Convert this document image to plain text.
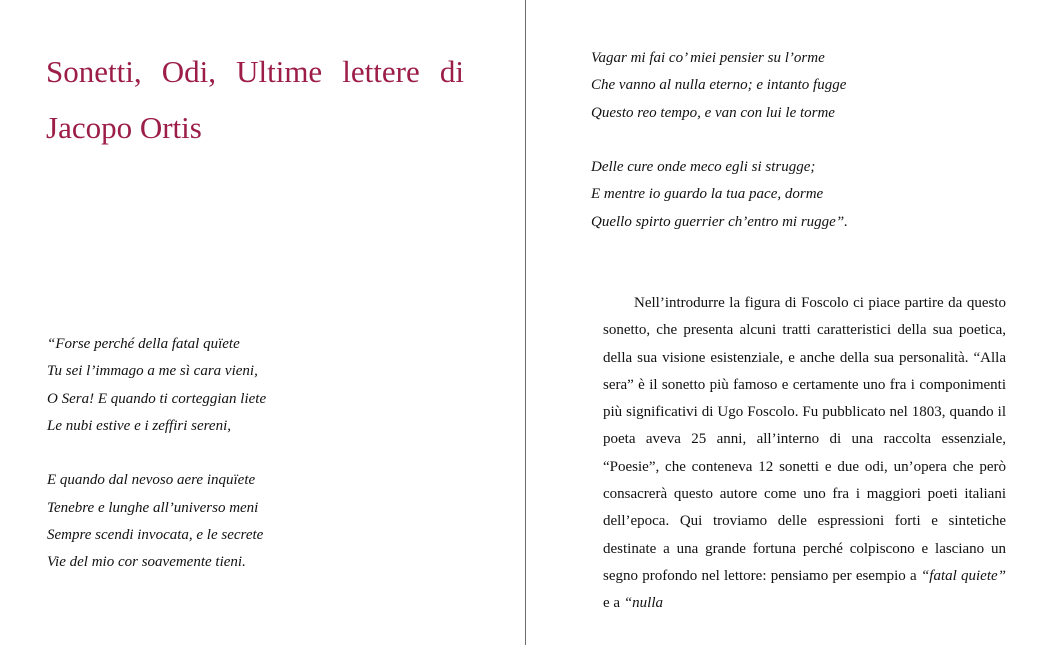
Sonetti, Odi, Ultime lettere di Jacopo Ortis
“Forse perché della fatal quïete
Tu sei l’immago a me sì cara vieni,
O Sera! E quando ti corteggian liete
Le nubi estive e i zeffiri sereni,
E quando dal nevoso aere inquïete
Tenebre e lunghe all’universo meni
Sempre scendi invocata, e le secrete
Vie del mio cor soavemente tieni.
Vagar mi fai co’ miei pensier su l’orme
Che vanno al nulla eterno; e intanto fugge
Questo reo tempo, e van con lui le torme
Delle cure onde meco egli si strugge;
E mentre io guardo la tua pace, dorme
Quello spirto guerrier ch’entro mi rugge”.

Nell’introdurre la figura di Foscolo ci piace partire da questo sonetto, che presenta alcuni tratti caratteristici della sua poetica, della sua visione esistenziale, e anche della sua personalità. “Alla sera” è il sonetto più famoso e certamente uno fra i componimenti più significativi di Ugo Foscolo. Fu pubblicato nel 1803, quando il poeta aveva 25 anni, all’interno di una raccolta essenziale, “Poesie”, che conteneva 12 sonetti e due odi, un’opera che però consacrerà questo autore come uno fra i maggiori poeti italiani dell’epoca. Qui troviamo delle espressioni forti e sintetiche destinate a una grande fortuna perché colpiscono e lasciano un segno profondo nel lettore: pensiamo per esempio a “fatal quiete” e a “nulla
